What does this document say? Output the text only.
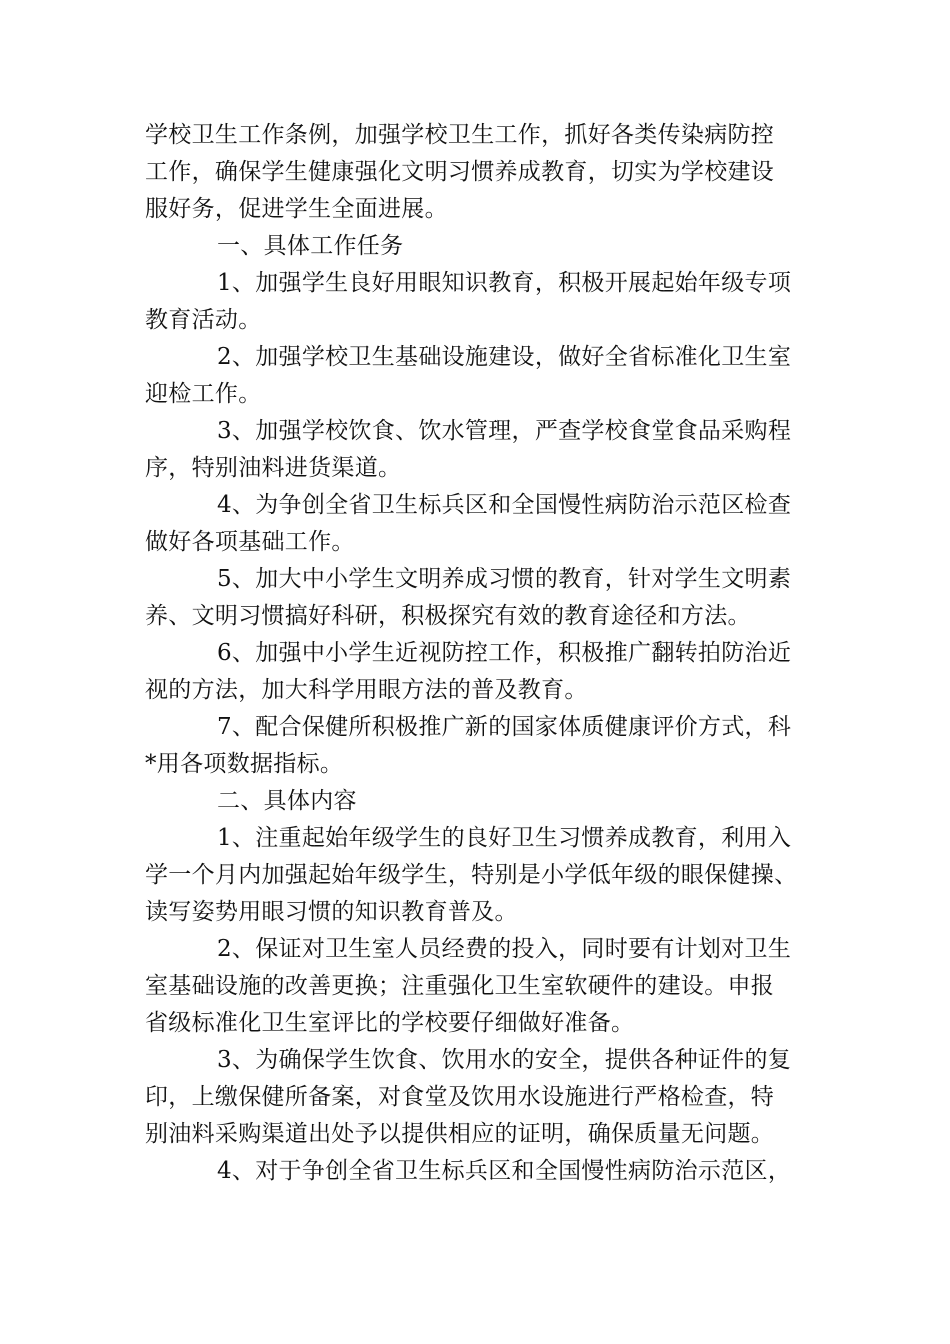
学校卫生工作条例，加强学校卫生工作，抓好各类传染病防控
工作，确保学生健康强化文明习惯养成教育，切实为学校建设
服好务，促进学生全面进展。
一、具体工作任务
1、加强学生良好用眼知识教育，积极开展起始年级专项
教育活动。
2、加强学校卫生基础设施建设，做好全省标准化卫生室
迎检工作。
3、加强学校饮食、饮水管理，严查学校食堂食品采购程
序，特别油料进货渠道。
4、为争创全省卫生标兵区和全国慢性病防治示范区检查
做好各项基础工作。
5、加大中小学生文明养成习惯的教育，针对学生文明素
养、文明习惯搞好科研，积极探究有效的教育途径和方法。
6、加强中小学生近视防控工作，积极推广翻转拍防治近
视的方法，加大科学用眼方法的普及教育。
7、配合保健所积极推广新的国家体质健康评价方式，科
*用各项数据指标。
二、具体内容
1、注重起始年级学生的良好卫生习惯养成教育，利用入
学一个月内加强起始年级学生，特别是小学低年级的眼保健操、
读写姿势用眼习惯的知识教育普及。
2、保证对卫生室人员经费的投入，同时要有计划对卫生
室基础设施的改善更换；注重强化卫生室软硬件的建设。申报
省级标准化卫生室评比的学校要仔细做好准备。
3、为确保学生饮食、饮用水的安全，提供各种证件的复
印，上缴保健所备案，对食堂及饮用水设施进行严格检查，特
别油料采购渠道出处予以提供相应的证明，确保质量无问题。
4、对于争创全省卫生标兵区和全国慢性病防治示范区，
